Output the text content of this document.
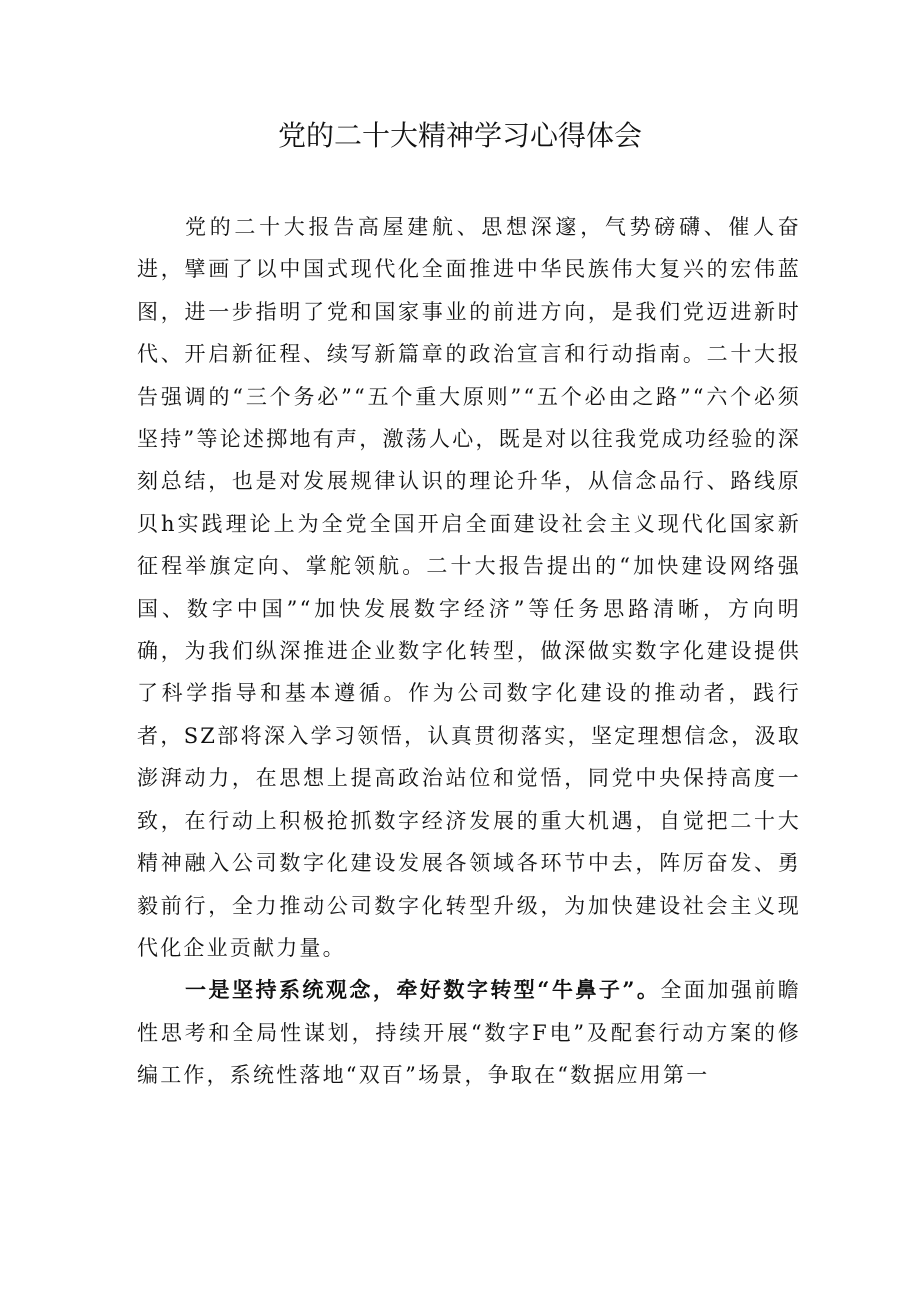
党的二十大精神学习心得体会

党的二十大报告高屋建航、思想深邃，气势磅礴、催人奋进，擘画了以中国式现代化全面推进中华民族伟大复兴的宏伟蓝图，进一步指明了党和国家事业的前进方向，是我们党迈进新时代、开启新征程、续写新篇章的政治宣言和行动指南。二十大报告强调的“三个务必”“五个重大原则”“五个必由之路”“六个必须坚持”等论述掷地有声，激荡人心，既是对以往我党成功经验的深刻总结，也是对发展规律认识的理论升华，从信念品行、路线原贝h实践理论上为全党全国开启全面建设社会主义现代化国家新征程举旗定向、掌舵领航。二十大报告提出的“加快建设网络强国、数字中国”“加快发展数字经济”等任务思路清晰，方向明确，为我们纵深推进企业数字化转型，做深做实数字化建设提供了科学指导和基本遵循。作为公司数字化建设的推动者，践行者，SZ部将深入学习领悟，认真贯彻落实，坚定理想信念，汲取澎湃动力，在思想上提高政治站位和觉悟，同党中央保持高度一致，在行动上积极抢抓数字经济发展的重大机遇，自觉把二十大精神融入公司数字化建设发展各领域各环节中去，阵厉奋发、勇毅前行，全力推动公司数字化转型升级，为加快建设社会主义现代化企业贡献力量。

一是坚持系统观念，牵好数字转型“牛鼻子”。全面加强前瞻性思考和全局性谋划，持续开展“数字F电”及配套行动方案的修编工作，系统性落地“双百”场景，争取在“数据应用第一
